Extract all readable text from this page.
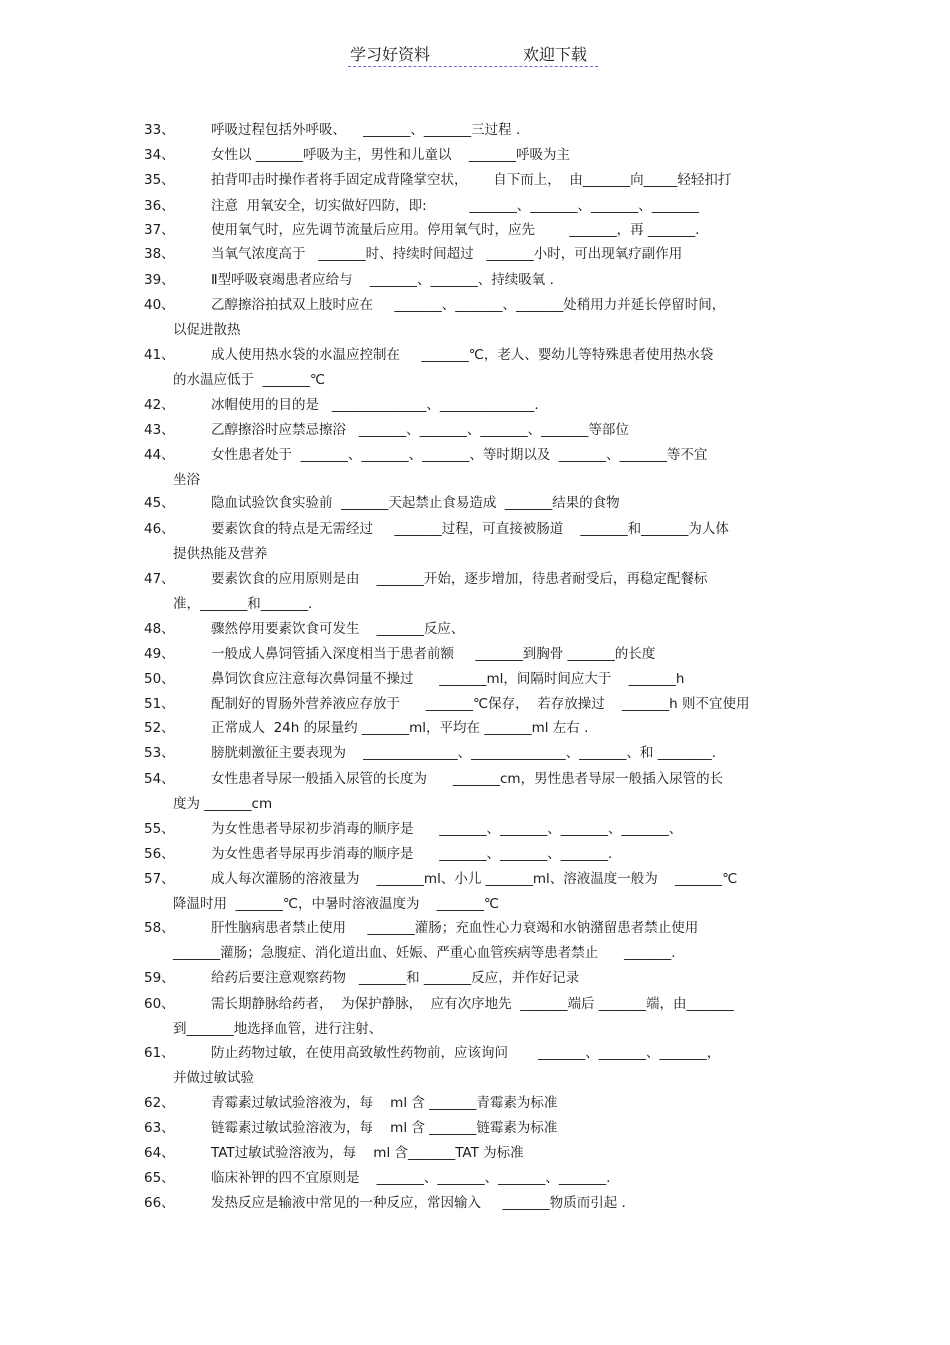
学习好资料

	欢迎下载

33、	呼吸过程包括外呼吸、    _______、_______三过程 .
34、	女性以 _______呼吸为主，男性和儿童以    _______呼吸为主
35、	拍背叩击时操作者将手固定成背隆掌空状，      自下而上，  由_______向_____轻轻扣打
36、	注意  用氧安全，切实做好四防，即:          _______、_______、_______、_______
37、	使用氧气时，应先调节流量后应用。停用氧气时，应先        _______，再 _______.
38、	当氧气浓度高于   _______时、持续时间超过   _______小时，可出现氧疗副作用
39、	Ⅱ型呼吸衰竭患者应给与    _______、_______、持续吸氧 .
40、	乙醇擦浴拍拭双上肢时应在     _______、_______、_______处稍用力并延长停留时间，
以促进散热
41、	成人使用热水袋的水温应控制在     _______℃，老人、婴幼儿等特殊患者使用热水袋
的水温应低于  _______℃
42、	冰帽使用的目的是   ______________、______________.
43、	乙醇擦浴时应禁忌擦浴   _______、_______、_______、_______等部位
44、	女性患者处于  _______、_______、_______、等时期以及  _______、_______等不宜
坐浴
45、	隐血试验饮食实验前  _______天起禁止食易造成  _______结果的食物
46、	要素饮食的特点是无需经过     _______过程，可直接被肠道    _______和_______为人体
提供热能及营养
47、	要素饮食的应用原则是由    _______开始，逐步增加，待患者耐受后，再稳定配餐标
准，_______和_______.
48、	骤然停用要素饮食可发生    _______反应、
49、	一般成人鼻饲管插入深度相当于患者前额     _______到胸骨 _______的长度
50、	鼻饲饮食应注意每次鼻饲量不操过      _______ml，间隔时间应大于    _______h
51、	配制好的胃肠外营养液应存放于      _______℃保存，  若存放操过    _______h 则不宜使用
52、	正常成人  24h 的尿量约 _______ml，平均在 _______ml 左右 .
53、	膀胱刺激征主要表现为    ______________、______________、_______、和 ________.
54、	女性患者导尿一般插入尿管的长度为      _______cm，男性患者导尿一般插入尿管的长
度为 _______cm
55、	为女性患者导尿初步消毒的顺序是      _______、_______、_______、_______、
56、	为女性患者导尿再步消毒的顺序是      _______、_______、_______.
57、	成人每次灌肠的溶液量为    _______ml、小儿 _______ml、溶液温度一般为    _______℃
降温时用  _______℃，中暑时溶液温度为    _______℃
58、	肝性脑病患者禁止使用     _______灌肠；充血性心力衰竭和水钠潴留患者禁止使用
_______灌肠；急腹症、消化道出血、妊娠、严重心血管疾病等患者禁止      _______.
59、	给药后要注意观察药物   _______和 _______反应，并作好记录
60、	需长期静脉给药者，  为保护静脉，  应有次序地先  _______端后 _______端，由_______
到_______地选择血管，进行注射、
61、	防止药物过敏，在使用高致敏性药物前，应该询问       _______、_______、_______，
并做过敏试验
62、	青霉素过敏试验溶液为，每    ml 含 _______青霉素为标准
63、	链霉素过敏试验溶液为，每    ml 含 _______链霉素为标准
64、	TAT过敏试验溶液为，每    ml 含_______TAT 为标准
65、	临床补钾的四不宜原则是    _______、_______、_______、_______.
66、	发热反应是输液中常见的一种反应，常因输入     _______物质而引起 .
